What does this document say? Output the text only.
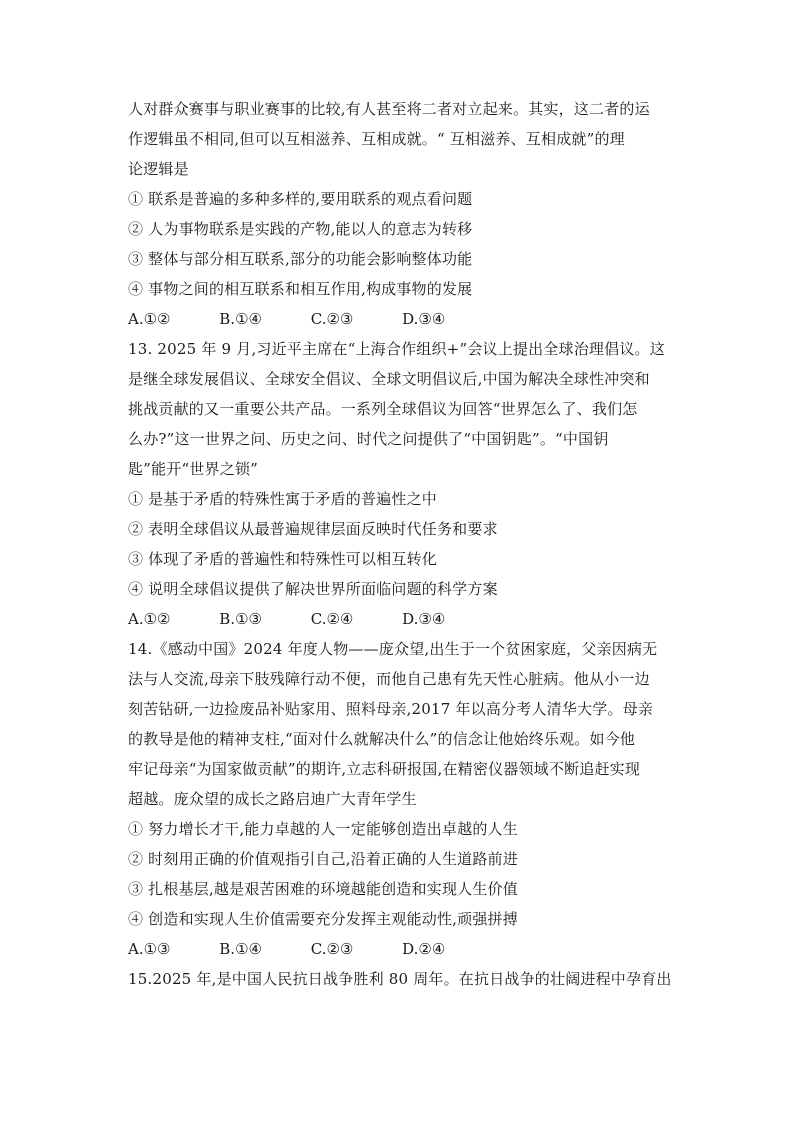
人对群众赛事与职业赛事的比较,有人甚至将二者对立起来。其实，这二者的运
作逻辑虽不相同,但可以互相滋养、互相成就。“ 互相滋养、互相成就”的理
论逻辑是
① 联系是普遍的多种多样的,要用联系的观点看问题
② 人为事物联系是实践的产物,能以人的意志为转移
③ 整体与部分相互联系,部分的功能会影响整体功能
④ 事物之间的相互联系和相互作用,构成事物的发展
A.①②	B.①④	C.②③	D.③④
13. 2025 年 9 月,习近平主席在“上海合作组织+”会议上提出全球治理倡议。这
是继全球发展倡议、全球安全倡议、全球文明倡议后,中国为解决全球性冲突和
挑战贡献的又一重要公共产品。一系列全球倡议为回答“世界怎么了、我们怎
么办?”这一世界之问、历史之问、时代之问提供了“中国钥匙”。“中国钥
匙”能开“世界之锁”
① 是基于矛盾的特殊性寓于矛盾的普遍性之中
② 表明全球倡议从最普遍规律层面反映时代任务和要求
③ 体现了矛盾的普遍性和特殊性可以相互转化
④ 说明全球倡议提供了解决世界所面临问题的科学方案
A.①②	B.①③	C.②④	D.③④
14.《感动中国》2024 年度人物——庞众望,出生于一个贫困家庭，父亲因病无
法与人交流,母亲下肢残障行动不便，而他自己患有先天性心脏病。他从小一边
刻苦钻研,一边捡废品补贴家用、照料母亲,2017 年以高分考人清华大学。母亲
的教导是他的精神支柱,“面对什么就解决什么”的信念让他始终乐观。如今他
牢记母亲“为国家做贡献”的期许,立志科研报国,在精密仪器领域不断追赶实现
超越。庞众望的成长之路启迪广大青年学生
① 努力增长才干,能力卓越的人一定能够创造出卓越的人生
② 时刻用正确的价值观指引自己,沿着正确的人生道路前进
③ 扎根基层,越是艰苦困难的环境越能创造和实现人生价值
④ 创造和实现人生价值需要充分发挥主观能动性,顽强拼搏
A.①③	B.①④	C.②③	D.②④
15.2025 年,是中国人民抗日战争胜利 80 周年。在抗日战争的壮阔进程中孕育出
